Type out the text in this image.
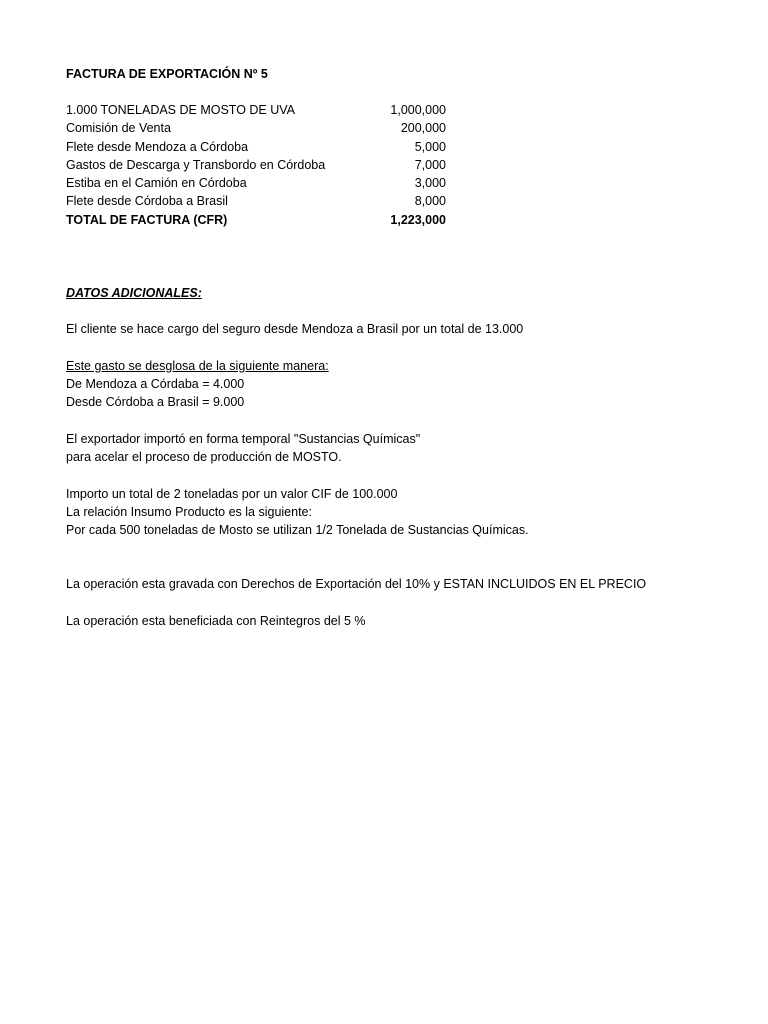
FACTURA DE EXPORTACIÓN Nº 5
1.000 TONELADAS DE MOSTO DE UVA	1,000,000
Comisión de Venta	200,000
Flete desde Mendoza a Córdoba	5,000
Gastos de Descarga y Transbordo en Córdoba	7,000
Estiba en el Camión en Córdoba	3,000
Flete desde Córdoba a Brasil	8,000
TOTAL DE FACTURA (CFR)	1,223,000
DATOS ADICIONALES:
El cliente se hace cargo del seguro desde Mendoza a Brasil por un total de 13.000
Este gasto se desglosa de la siguiente manera:
De Mendoza a Córdaba = 4.000
Desde Córdoba a Brasil = 9.000
El exportador importó en forma temporal "Sustancias Químicas"
para acelar el proceso de producción de MOSTO.
Importo un total de 2 toneladas por un valor CIF de 100.000
La relación Insumo Producto es la siguiente:
Por cada 500 toneladas de Mosto se utilizan 1/2 Tonelada de Sustancias Químicas.
La operación esta gravada con Derechos de Exportación del 10% y ESTAN INCLUIDOS EN EL PRECIO
La operación esta beneficiada con Reintegros del 5 %
